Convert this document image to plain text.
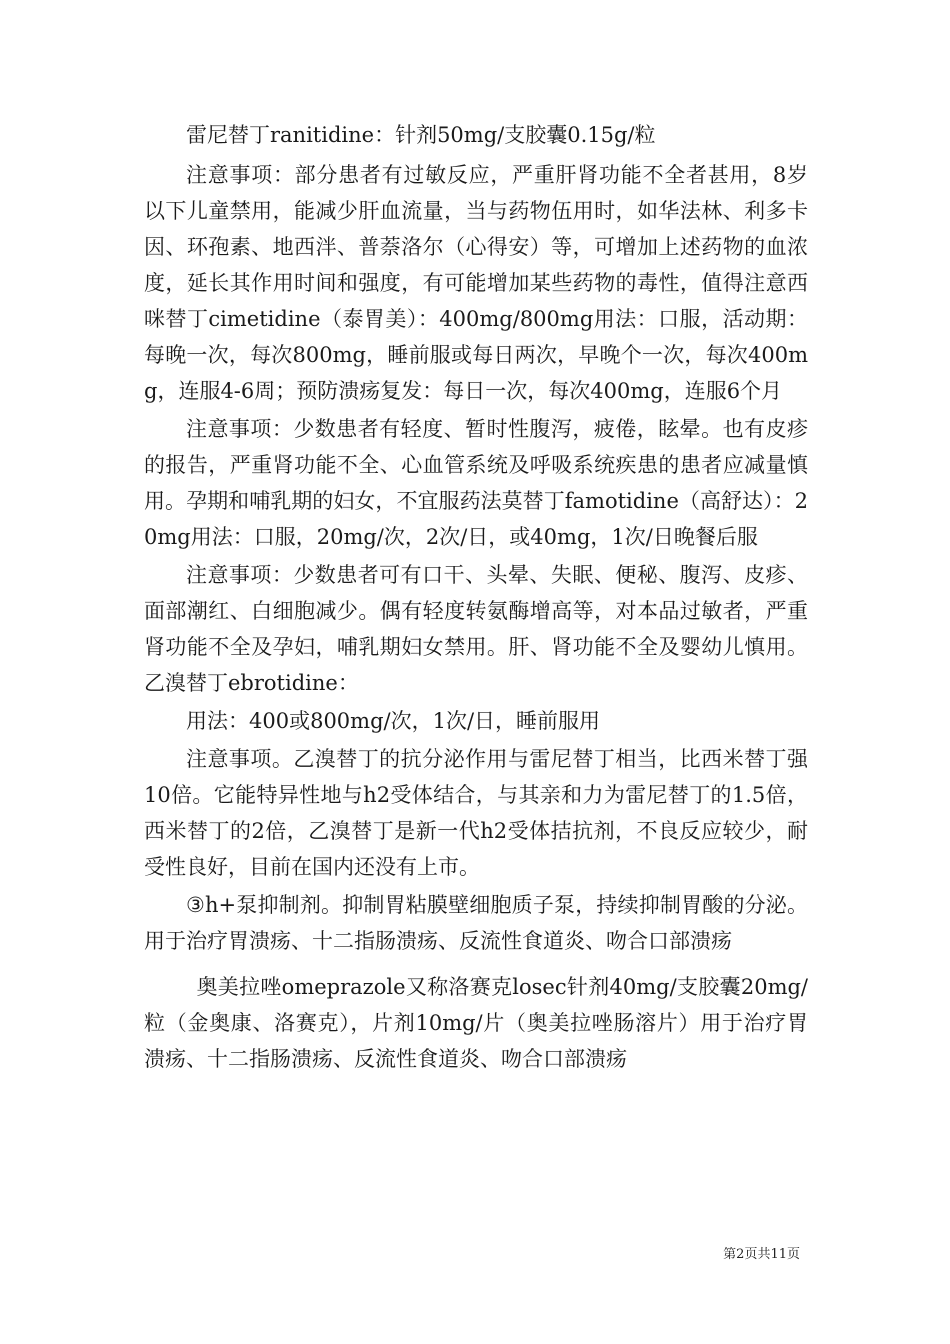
雷尼替丁ranitidine：针剂50mg/支胶囊0.15g/粒

注意事项：部分患者有过敏反应，严重肝肾功能不全者甚用，8岁以下儿童禁用，能减少肝血流量，当与药物伍用时，如华法林、利多卡因、环孢素、地西泮、普萘洛尔（心得安）等，可增加上述药物的血浓度，延长其作用时间和强度，有可能增加某些药物的毒性，值得注意西咪替丁cimetidine（泰胃美）：400mg/800mg用法：口服，活动期：每晚一次，每次800mg，睡前服或每日两次，早晚个一次，每次400mg，连服4-6周；预防溃疡复发：每日一次，每次400mg，连服6个月

注意事项：少数患者有轻度、暂时性腹泻，疲倦，眩晕。也有皮疹的报告，严重肾功能不全、心血管系统及呼吸系统疾患的患者应减量慎用。孕期和哺乳期的妇女，不宜服药法莫替丁famotidine（高舒达）：20mg用法：口服，20mg/次，2次/日，或40mg，1次/日晚餐后服

注意事项：少数患者可有口干、头晕、失眠、便秘、腹泻、皮疹、面部潮红、白细胞减少。偶有轻度转氨酶增高等，对本品过敏者，严重肾功能不全及孕妇，哺乳期妇女禁用。肝、肾功能不全及婴幼儿慎用。乙溴替丁ebrotidine：

用法：400或800mg/次，1次/日，睡前服用

注意事项。乙溴替丁的抗分泌作用与雷尼替丁相当，比西米替丁强10倍。它能特异性地与h2受体结合，与其亲和力为雷尼替丁的1.5倍，西米替丁的2倍，乙溴替丁是新一代h2受体拮抗剂，不良反应较少，耐受性良好，目前在国内还没有上市。

③h+泵抑制剂。抑制胃粘膜壁细胞质子泵，持续抑制胃酸的分泌。用于治疗胃溃疡、十二指肠溃疡、反流性食道炎、吻合口部溃疡

奥美拉唑omeprazole又称洛赛克losec针剂40mg/支胶囊20mg/粒（金奥康、洛赛克），片剂10mg/片（奥美拉唑肠溶片）用于治疗胃溃疡、十二指肠溃疡、反流性食道炎、吻合口部溃疡

第2页共11页
